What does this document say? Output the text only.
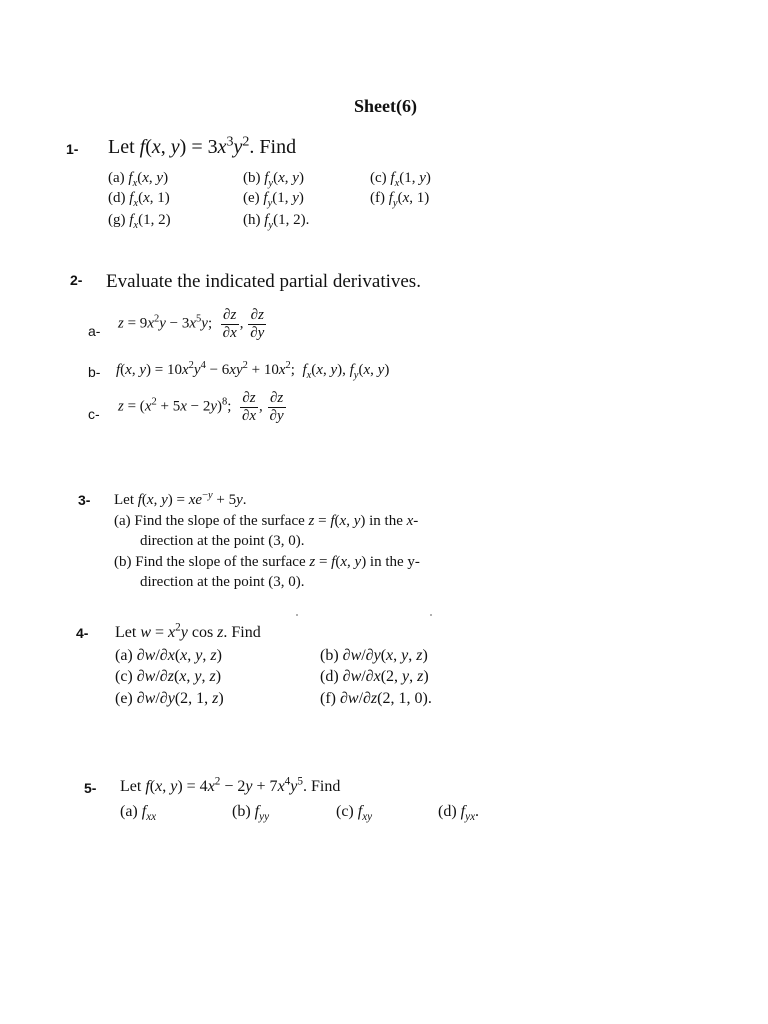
Sheet(6)
1- Let f(x, $y) = 3x^3y^2$. Find
(a) $f_x(x$, y)	(b) $f_y(x$, y)	(c) $f_x(1$, y)
(d) $f_x(x$, 1)	(e) $f_y(1$, y)	(f) $f_y(x$, 1)
(g) $f_x(1$, 2)	(h) $f_y(1$, 2).
2- Evaluate the indicated partial derivatives.
a- $z = 9x^2y - 3x^5y$; $\frac{\partial z}{\partial x}$ , $\frac{\partial z}{\partial y}$
b- f(x, $y) = 10x^2y^4 - 6xy^2 + 10x^2$;  $f_x(x$, y), $f_y(x$, y)
c- $z = (x^2 + 5x - 2y)^8$; $\frac{\partial z}{\partial x}$ , $\frac{\partial z}{\partial y}$
3- Let f(x, $y) = xe^{-y} + 5y$.
(a) Find the slope of the surface z = f(x, y) in the x-
direction at the point (3, 0).
(b) Find the slope of the surface z = f(x, y) in the y-
direction at the point (3, 0).
4- Let $w = x^2y$ cos z. Find
(a) ∂w/∂x(x, y, z)	(b) ∂w/∂y(x, y, z)
(c) ∂w/∂z(x, y, z)	(d) ∂w/∂x(2, y, z)
(e) ∂w/∂y(2, 1, z)	(f) ∂w/∂z(2, 1, 0).
5- Let f(x, $y) = 4x^2 - 2y + 7x^4y^5$. Find
(a) $f_{xx}$	(b) $f_{yy}$	(c) $f_{xy}$	(d) $f_{yx}$.
